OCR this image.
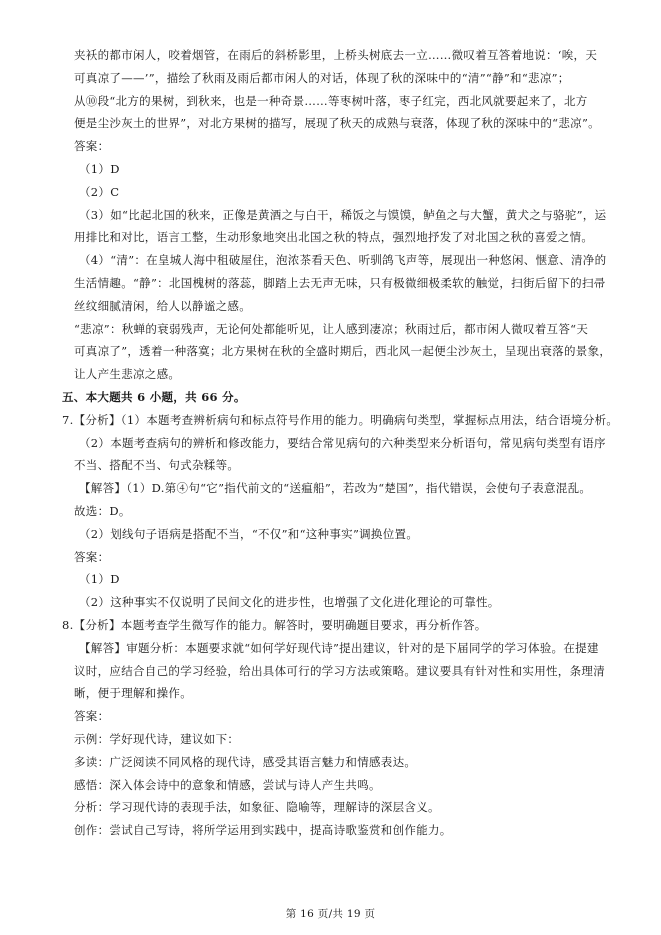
夹袄的都市闲人，咬着烟管，在雨后的斜桥影里，上桥头树底去一立……微叹着互答着地说：‘唉，天
可真凉了——’”，描绘了秋雨及雨后都市闲人的对话，体现了秋的深味中的“清”“静”和“悲凉”；
从⑩段“北方的果树，到秋来，也是一种奇景……等枣树叶落，枣子红完，西北风就要起来了，北方
便是尘沙灰土的世界”，对北方果树的描写，展现了秋天的成熟与衰落，体现了秋的深味中的“悲凉”。
答案：
（1）D
（2）C
（3）如“比起北国的秋来，正像是黄酒之与白干，稀饭之与馍馍，鲈鱼之与大蟹，黄犬之与骆驼”，运
用排比和对比，语言工整，生动形象地突出北国之秋的特点，强烈地抒发了对北国之秋的喜爱之情。
（4）“清”：在皇城人海中租破屋住，泡浓茶看天色、听驯鸽飞声等，展现出一种悠闲、惬意、清净的
生活情趣。“静”：北国槐树的落蕊，脚踏上去无声无味，只有极微细极柔软的触觉，扫街后留下的扫帚
丝纹细腻清闲，给人以静谧之感。
“悲凉”：秋蝉的衰弱残声，无论何处都能听见，让人感到凄凉；秋雨过后，都市闲人微叹着互答“天
可真凉了”，透着一种落寞；北方果树在秋的全盛时期后，西北风一起便尘沙灰土，呈现出衰落的景象，
让人产生悲凉之感。
五、本大题共 6 小题，共 66 分。
7.【分析】（1）本题考查辨析病句和标点符号作用的能力。明确病句类型，掌握标点用法，结合语境分析。
（2）本题考查病句的辨析和修改能力，要结合常见病句的六种类型来分析语句，常见病句类型有语序
不当、搭配不当、句式杂糅等。
【解答】（1）D.第④句“它”指代前文的“送瘟船”，若改为“楚国”，指代错误，会使句子表意混乱。
故选：D。
（2）划线句子语病是搭配不当，“不仅”和“这种事实”调换位置。
答案：
（1）D
（2）这种事实不仅说明了民间文化的进步性，也增强了文化进化理论的可靠性。
8.【分析】本题考查学生微写作的能力。解答时，要明确题目要求，再分析作答。
【解答】审题分析：本题要求就“如何学好现代诗”提出建议，针对的是下届同学的学习体验。在提建
议时，应结合自己的学习经验，给出具体可行的学习方法或策略。建议要具有针对性和实用性，条理清
晰，便于理解和操作。
答案：
示例：学好现代诗，建议如下：
多读：广泛阅读不同风格的现代诗，感受其语言魅力和情感表达。
感悟：深入体会诗中的意象和情感，尝试与诗人产生共鸣。
分析：学习现代诗的表现手法，如象征、隐喻等，理解诗的深层含义。
创作：尝试自己写诗，将所学运用到实践中，提高诗歌鉴赏和创作能力。
第 16 页/共 19 页
